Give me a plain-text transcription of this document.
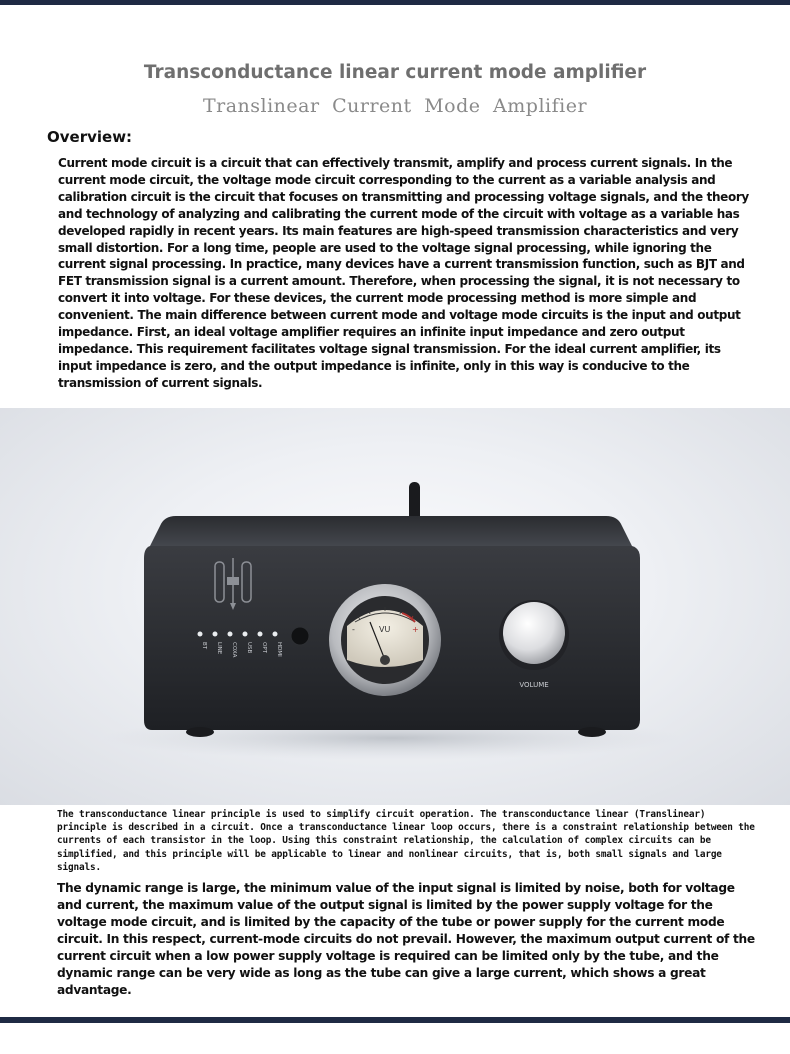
Transconductance linear current mode amplifier
Translinear Current Mode Amplifier
Overview:
Current mode circuit is a circuit that can effectively transmit, amplify and process current signals. In the current mode circuit, the voltage mode circuit corresponding to the current as a variable analysis and calibration circuit is the circuit that focuses on transmitting and processing voltage signals, and the theory and technology of analyzing and calibrating the current mode of the circuit with voltage as a variable has developed rapidly in recent years. Its main features are high-speed transmission characteristics and very small distortion. For a long time, people are used to the voltage signal processing, while ignoring the current signal processing. In practice, many devices have a current transmission function, such as BJT and FET transmission signal is a current amount. Therefore, when processing the signal, it is not necessary to convert it into voltage. For these devices, the current mode processing method is more simple and convenient. The main difference between current mode and voltage mode circuits is the input and output impedance. First, an ideal voltage amplifier requires an infinite input impedance and zero output impedance. This requirement facilitates voltage signal transmission. For the ideal current amplifier, its input impedance is zero, and the output impedance is infinite, only in this way is conducive to the transmission of current signals.
BT LINE COXA USB OPT HDMI
VU
-	+
VOLUME
The transconductance linear principle is used to simplify circuit operation. The transconductance linear (Translinear) principle is described in a circuit. Once a transconductance linear loop occurs, there is a constraint relationship between the currents of each transistor in the loop. Using this constraint relationship, the calculation of complex circuits can be simplified, and this principle will be applicable to linear and nonlinear circuits, that is, both small signals and large signals.
The dynamic range is large, the minimum value of the input signal is limited by noise, both for voltage and current, the maximum value of the output signal is limited by the power supply voltage for the voltage mode circuit, and is limited by the capacity of the tube or power supply for the current mode circuit. In this respect, current-mode circuits do not prevail. However, the maximum output current of the current circuit when a low power supply voltage is required can be limited only by the tube, and the dynamic range can be very wide as long as the tube can give a large current, which shows a great advantage.
